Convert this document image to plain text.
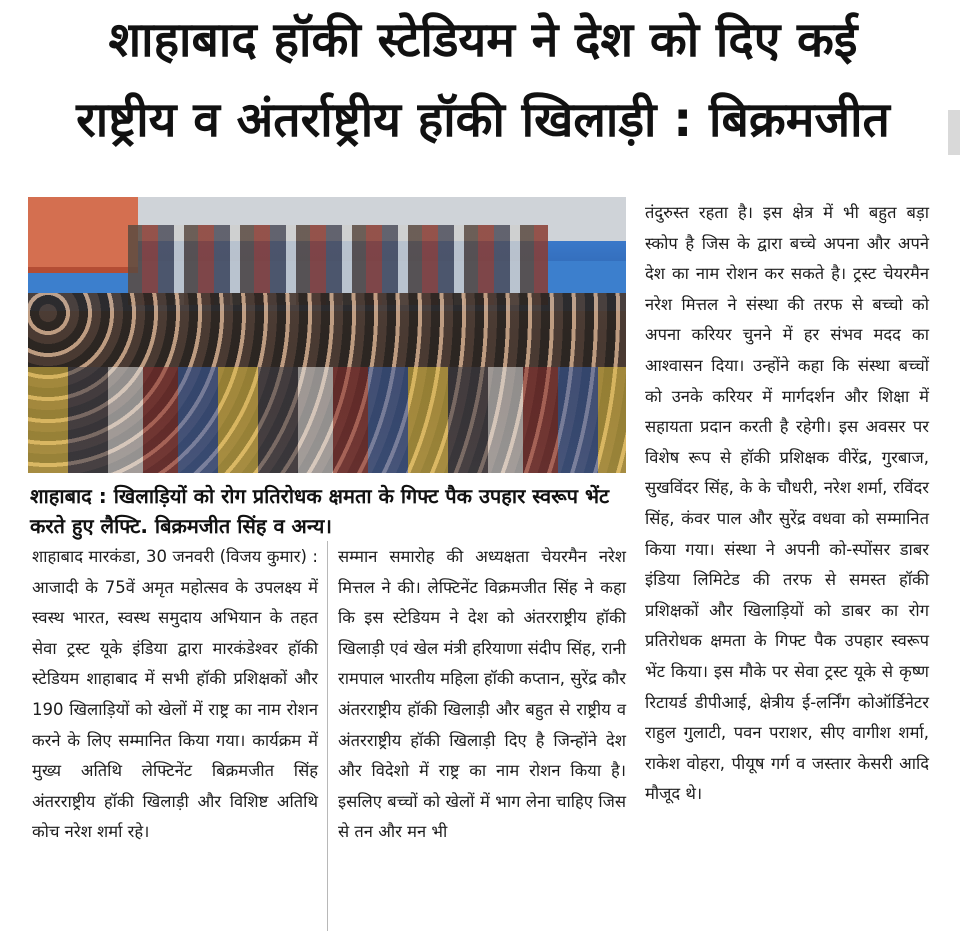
शाहाबाद हॉकी स्टेडियम ने देश को दिए कई
राष्ट्रीय व अंतर्राष्ट्रीय हॉकी खिलाड़ी : बिक्रमजीत
शाहाबाद : खिलाड़ियों को रोग प्रतिरोधक क्षमता के गिफ्ट पैक उपहार स्वरूप भेंट करते हुए लैफ्टि. बिक्रमजीत सिंह व अन्य।

शाहाबाद मारकंडा, 30 जनवरी (विजय कुमार) : आजादी के 75वें अमृत महोत्सव के उपलक्ष्य में स्वस्थ भारत, स्वस्थ समुदाय अभियान के तहत सेवा ट्रस्ट यूके इंडिया द्वारा मारकंडेश्वर हॉकी स्टेडियम शाहाबाद में सभी हॉकी प्रशिक्षकों और 190 खिलाड़ियों को खेलों में राष्ट्र का नाम रोशन करने के लिए सम्मानित किया गया। कार्यक्रम में मुख्य अतिथि लेफ्टिनेंट बिक्रमजीत सिंह अंतरराष्ट्रीय हॉकी खिलाड़ी और विशिष्ट अतिथि कोच नरेश शर्मा रहे।

सम्मान समारोह की अध्यक्षता चेयरमैन नरेश मित्तल ने की। लेफ्टिनेंट विक्रमजीत सिंह ने कहा कि इस स्टेडियम ने देश को अंतरराष्ट्रीय हॉकी खिलाड़ी एवं खेल मंत्री हरियाणा संदीप सिंह, रानी रामपाल भारतीय महिला हॉकी कप्तान, सुरेंद्र कौर अंतरराष्ट्रीय हॉकी खिलाड़ी और बहुत से राष्ट्रीय व अंतरराष्ट्रीय हॉकी खिलाड़ी दिए है जिन्होंने देश और विदेशो में राष्ट्र का नाम रोशन किया है। इसलिए बच्चों को खेलों में भाग लेना चाहिए जिस से तन और मन भी

तंदुरुस्त रहता है। इस क्षेत्र में भी बहुत बड़ा स्कोप है जिस के द्वारा बच्चे अपना और अपने देश का नाम रोशन कर सकते है। ट्रस्ट चेयरमैन नरेश मित्तल ने संस्था की तरफ से बच्चो को अपना करियर चुनने में हर संभव मदद का आश्वासन दिया। उन्होंने कहा कि संस्था बच्चों को उनके करियर में मार्गदर्शन और शिक्षा में सहायता प्रदान करती है रहेगी। इस अवसर पर विशेष रूप से हॉकी प्रशिक्षक वीरेंद्र, गुरबाज, सुखविंदर सिंह, के के चौधरी, नरेश शर्मा, रविंदर सिंह, कंवर पाल और सुरेंद्र वधवा को सम्मानित किया गया। संस्था ने अपनी को-स्पोंसर डाबर इंडिया लिमिटेड की तरफ से समस्त हॉकी प्रशिक्षकों और खिलाड़ियों को डाबर का रोग प्रतिरोधक क्षमता के गिफ्ट पैक उपहार स्वरूप भेंट किया। इस मौके पर सेवा ट्रस्ट यूके से कृष्ण रिटायर्ड डीपीआई, क्षेत्रीय ई-लर्निंग कोऑर्डिनेटर राहुल गुलाटी, पवन पराशर, सीए वागीश शर्मा, राकेश वोहरा, पीयूष गर्ग व जस्तार केसरी आदि मौजूद थे।
